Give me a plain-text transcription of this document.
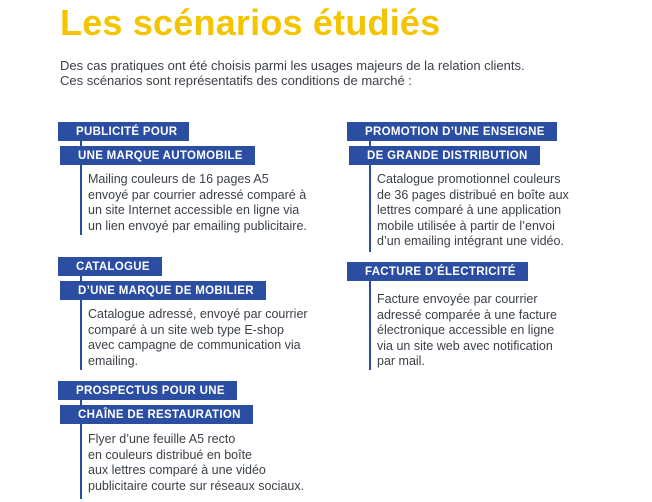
Les scénarios étudiés
Des cas pratiques ont été choisis parmi les usages majeurs de la relation clients.
Ces scénarios sont représentatifs des conditions de marché :
PUBLICITÉ POUR
UNE MARQUE AUTOMOBILE
Mailing couleurs de 16 pages A5
envoyé par courrier adressé comparé à
un site Internet accessible en ligne via
un lien envoyé par emailing publicitaire.
PROMOTION D’UNE ENSEIGNE
DE GRANDE DISTRIBUTION
Catalogue promotionnel couleurs
de 36 pages distribué en boîte aux
lettres comparé à une application
mobile utilisée à partir de l’envoi
d’un emailing intégrant une vidéo.
CATALOGUE
D’UNE MARQUE DE MOBILIER
Catalogue adressé, envoyé par courrier
comparé à un site web type E-shop
avec campagne de communication via
emailing.
FACTURE D’ÉLECTRICITÉ
Facture envoyée par courrier
adressé comparée à une facture
électronique accessible en ligne
via un site web avec notification
par mail.
PROSPECTUS POUR UNE
CHAÎNE DE RESTAURATION
Flyer d’une feuille A5 recto
en couleurs distribué en boîte
aux lettres comparé à une vidéo
publicitaire courte sur réseaux sociaux.
